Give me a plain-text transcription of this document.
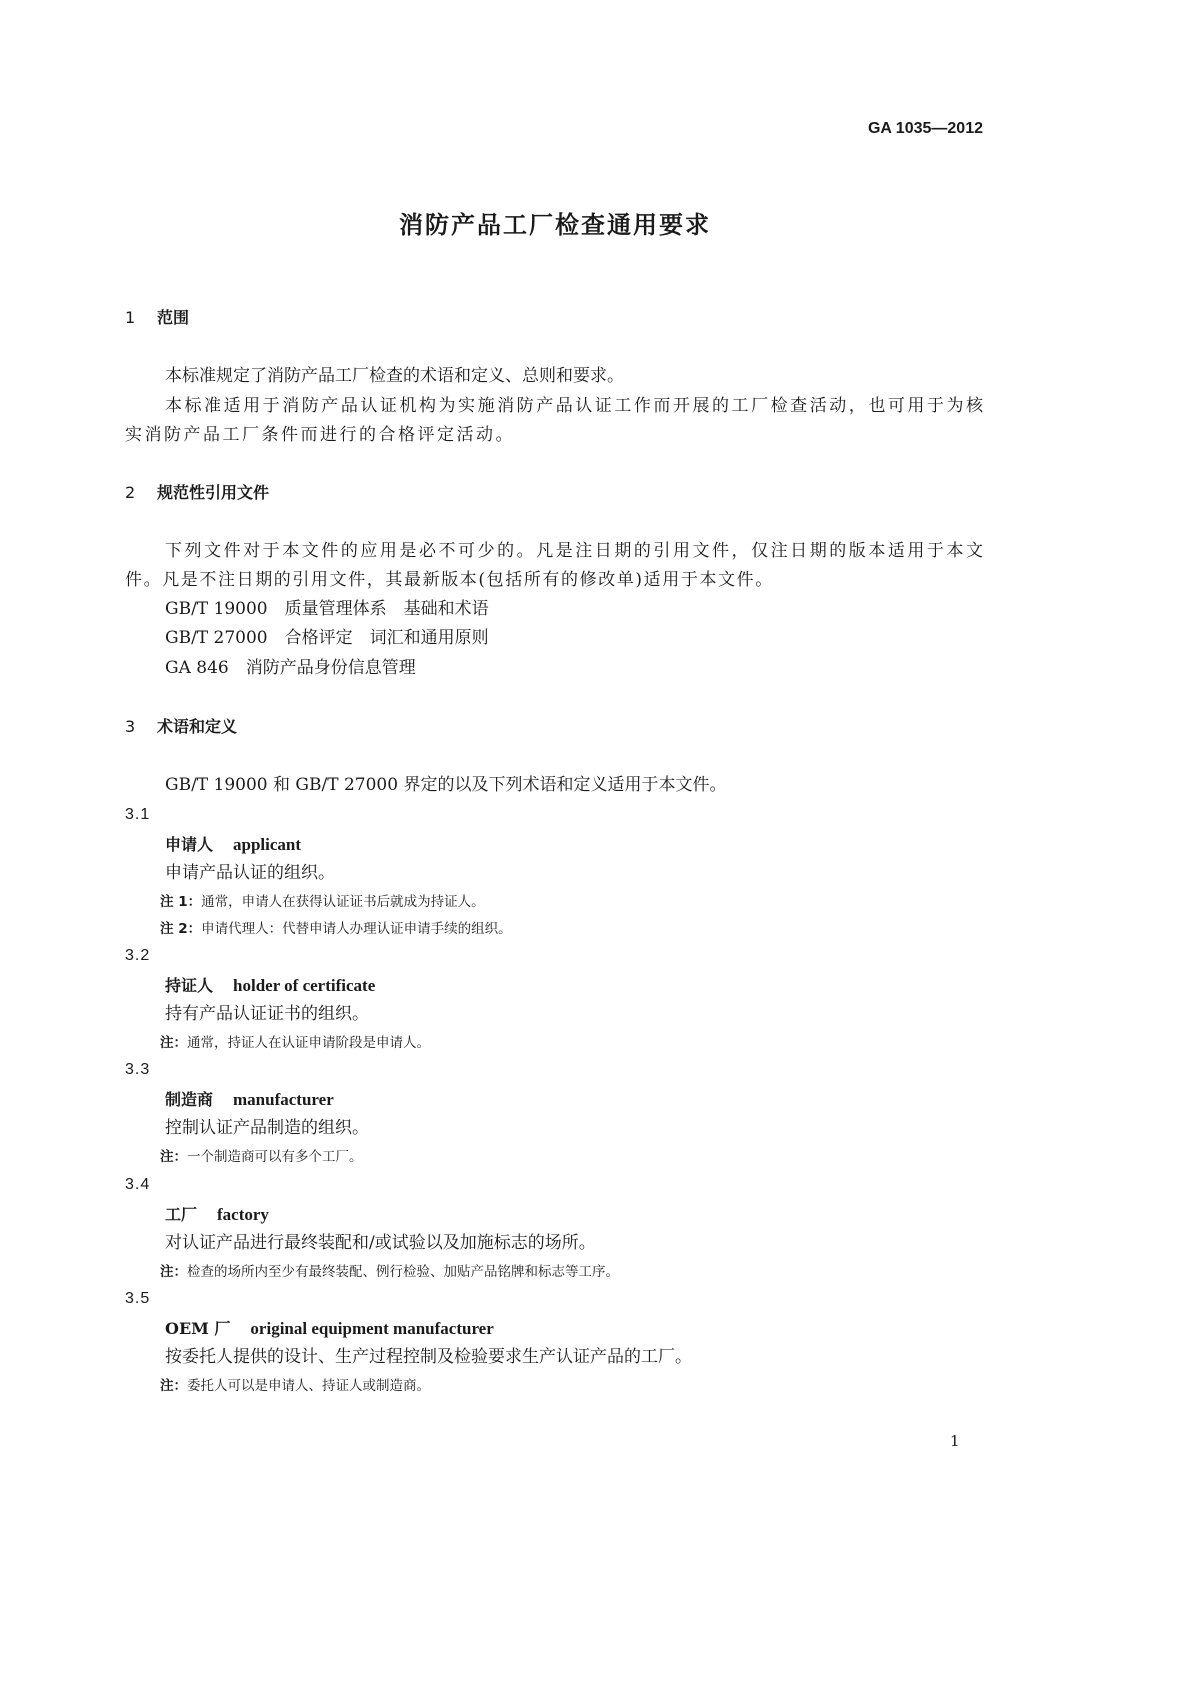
GA 1035—2012
消防产品工厂检查通用要求
1 范围
本标准规定了消防产品工厂检查的术语和定义、总则和要求。
本标准适用于消防产品认证机构为实施消防产品认证工作而开展的工厂检查活动，也可用于为核
实消防产品工厂条件而进行的合格评定活动。
2 规范性引用文件
下列文件对于本文件的应用是必不可少的。凡是注日期的引用文件，仅注日期的版本适用于本文
件。凡是不注日期的引用文件，其最新版本(包括所有的修改单)适用于本文件。
GB/T 19000　质量管理体系　基础和术语
GB/T 27000　合格评定　词汇和通用原则
GA 846　消防产品身份信息管理
3 术语和定义
GB/T 19000 和 GB/T 27000 界定的以及下列术语和定义适用于本文件。
3.1
申请人 applicant
申请产品认证的组织。
注 1：通常，申请人在获得认证证书后就成为持证人。
注 2：申请代理人：代替申请人办理认证申请手续的组织。
3.2
持证人 holder of certificate
持有产品认证证书的组织。
注：通常，持证人在认证申请阶段是申请人。
3.3
制造商 manufacturer
控制认证产品制造的组织。
注：一个制造商可以有多个工厂。
3.4
工厂 factory
对认证产品进行最终装配和/或试验以及加施标志的场所。
注：检查的场所内至少有最终装配、例行检验、加贴产品铭牌和标志等工序。
3.5
OEM 厂 original equipment manufacturer
按委托人提供的设计、生产过程控制及检验要求生产认证产品的工厂。
注：委托人可以是申请人、持证人或制造商。
1
